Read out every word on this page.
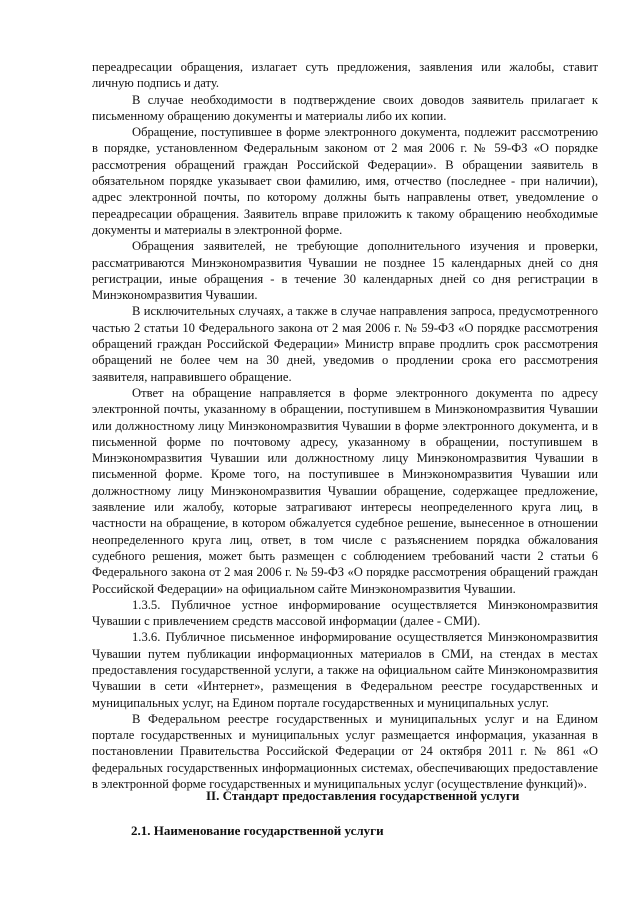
переадресации обращения, излагает суть предложения, заявления или жалобы, ставит личную подпись и дату.

В случае необходимости в подтверждение своих доводов заявитель прилагает к письменному обращению документы и материалы либо их копии.

Обращение, поступившее в форме электронного документа, подлежит рассмотрению в порядке, установленном Федеральным законом от 2 мая 2006 г. № 59-ФЗ «О порядке рассмотрения обращений граждан Российской Федерации». В обращении заявитель в обязательном порядке указывает свои фамилию, имя, отчество (последнее - при наличии), адрес электронной почты, по которому должны быть направлены ответ, уведомление о переадресации обращения. Заявитель вправе приложить к такому обращению необходимые документы и материалы в электронной форме.

Обращения заявителей, не требующие дополнительного изучения и проверки, рассматриваются Минэкономразвития Чувашии не позднее 15 календарных дней со дня регистрации, иные обращения - в течение 30 календарных дней со дня регистрации в Минэкономразвития Чувашии.

В исключительных случаях, а также в случае направления запроса, предусмотренного частью 2 статьи 10 Федерального закона от 2 мая 2006 г. № 59-ФЗ «О порядке рассмотрения обращений граждан Российской Федерации» Министр вправе продлить срок рассмотрения обращений не более чем на 30 дней, уведомив о продлении срока его рассмотрения заявителя, направившего обращение.

Ответ на обращение направляется в форме электронного документа по адресу электронной почты, указанному в обращении, поступившем в Минэкономразвития Чувашии или должностному лицу Минэкономразвития Чувашии в форме электронного документа, и в письменной форме по почтовому адресу, указанному в обращении, поступившем в Минэкономразвития Чувашии или должностному лицу Минэкономразвития Чувашии в письменной форме. Кроме того, на поступившее в Минэкономразвития Чувашии или должностному лицу Минэкономразвития Чувашии обращение, содержащее предложение, заявление или жалобу, которые затрагивают интересы неопределенного круга лиц, в частности на обращение, в котором обжалуется судебное решение, вынесенное в отношении неопределенного круга лиц, ответ, в том числе с разъяснением порядка обжалования судебного решения, может быть размещен с соблюдением требований части 2 статьи 6 Федерального закона от 2 мая 2006 г. № 59-ФЗ «О порядке рассмотрения обращений граждан Российской Федерации» на официальном сайте Минэкономразвития Чувашии.

1.3.5. Публичное устное информирование осуществляется Минэкономразвития Чувашии с привлечением средств массовой информации (далее - СМИ).

1.3.6. Публичное письменное информирование осуществляется Минэкономразвития Чувашии путем публикации информационных материалов в СМИ, на стендах в местах предоставления государственной услуги, а также на официальном сайте Минэкономразвития Чувашии в сети «Интернет», размещения в Федеральном реестре государственных и муниципальных услуг, на Едином портале государственных и муниципальных услуг.

В Федеральном реестре государственных и муниципальных услуг и на Едином портале государственных и муниципальных услуг размещается информация, указанная в постановлении Правительства Российской Федерации от 24 октября 2011 г. № 861 «О федеральных государственных информационных системах, обеспечивающих предоставление в электронной форме государственных и муниципальных услуг (осуществление функций)».

II. Стандарт предоставления государственной услуги
2.1. Наименование государственной услуги
